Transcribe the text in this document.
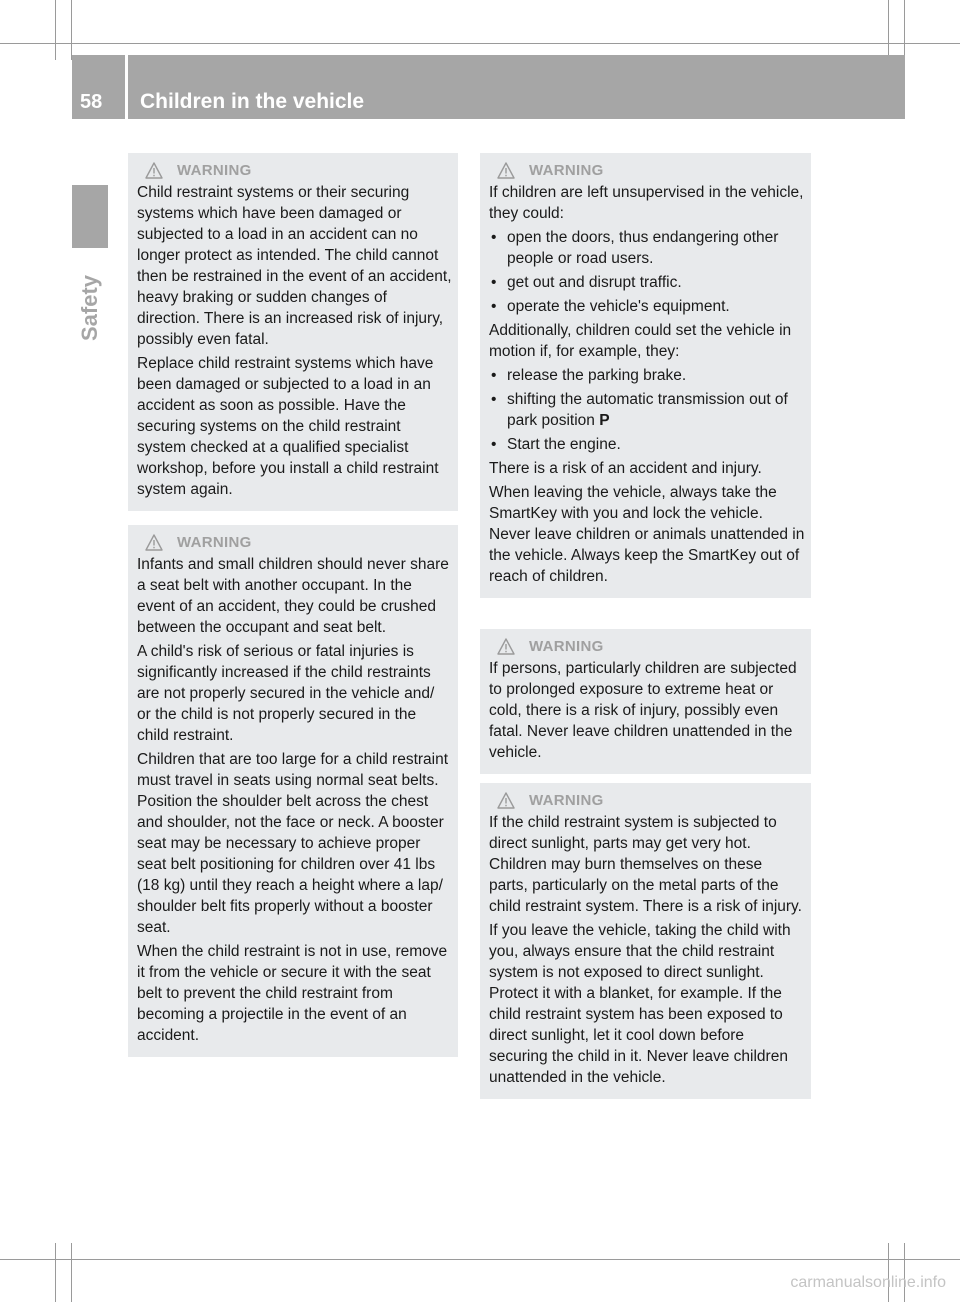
58 Children in the vehicle
Safety
WARNING
Child restraint systems or their securing systems which have been damaged or subjected to a load in an accident can no longer protect as intended. The child cannot then be restrained in the event of an accident, heavy braking or sudden changes of direction. There is an increased risk of injury, possibly even fatal.
Replace child restraint systems which have been damaged or subjected to a load in an accident as soon as possible. Have the securing systems on the child restraint system checked at a qualified specialist workshop, before you install a child restraint system again.
WARNING
Infants and small children should never share a seat belt with another occupant. In the event of an accident, they could be crushed between the occupant and seat belt.
A child's risk of serious or fatal injuries is significantly increased if the child restraints are not properly secured in the vehicle and/ or the child is not properly secured in the child restraint.
Children that are too large for a child restraint must travel in seats using normal seat belts. Position the shoulder belt across the chest and shoulder, not the face or neck. A booster seat may be necessary to achieve proper seat belt positioning for children over 41 lbs (18 kg) until they reach a height where a lap/ shoulder belt fits properly without a booster seat.
When the child restraint is not in use, remove it from the vehicle or secure it with the seat belt to prevent the child restraint from becoming a projectile in the event of an accident.
WARNING
If children are left unsupervised in the vehicle, they could:
• open the doors, thus endangering other people or road users.
• get out and disrupt traffic.
• operate the vehicle's equipment.
Additionally, children could set the vehicle in motion if, for example, they:
• release the parking brake.
• shifting the automatic transmission out of park position P
• Start the engine.
There is a risk of an accident and injury.
When leaving the vehicle, always take the SmartKey with you and lock the vehicle. Never leave children or animals unattended in the vehicle. Always keep the SmartKey out of reach of children.
WARNING
If persons, particularly children are subjected to prolonged exposure to extreme heat or cold, there is a risk of injury, possibly even fatal. Never leave children unattended in the vehicle.
WARNING
If the child restraint system is subjected to direct sunlight, parts may get very hot. Children may burn themselves on these parts, particularly on the metal parts of the child restraint system. There is a risk of injury.
If you leave the vehicle, taking the child with you, always ensure that the child restraint system is not exposed to direct sunlight. Protect it with a blanket, for example. If the child restraint system has been exposed to direct sunlight, let it cool down before securing the child in it. Never leave children unattended in the vehicle.
carmanualsonline.info
